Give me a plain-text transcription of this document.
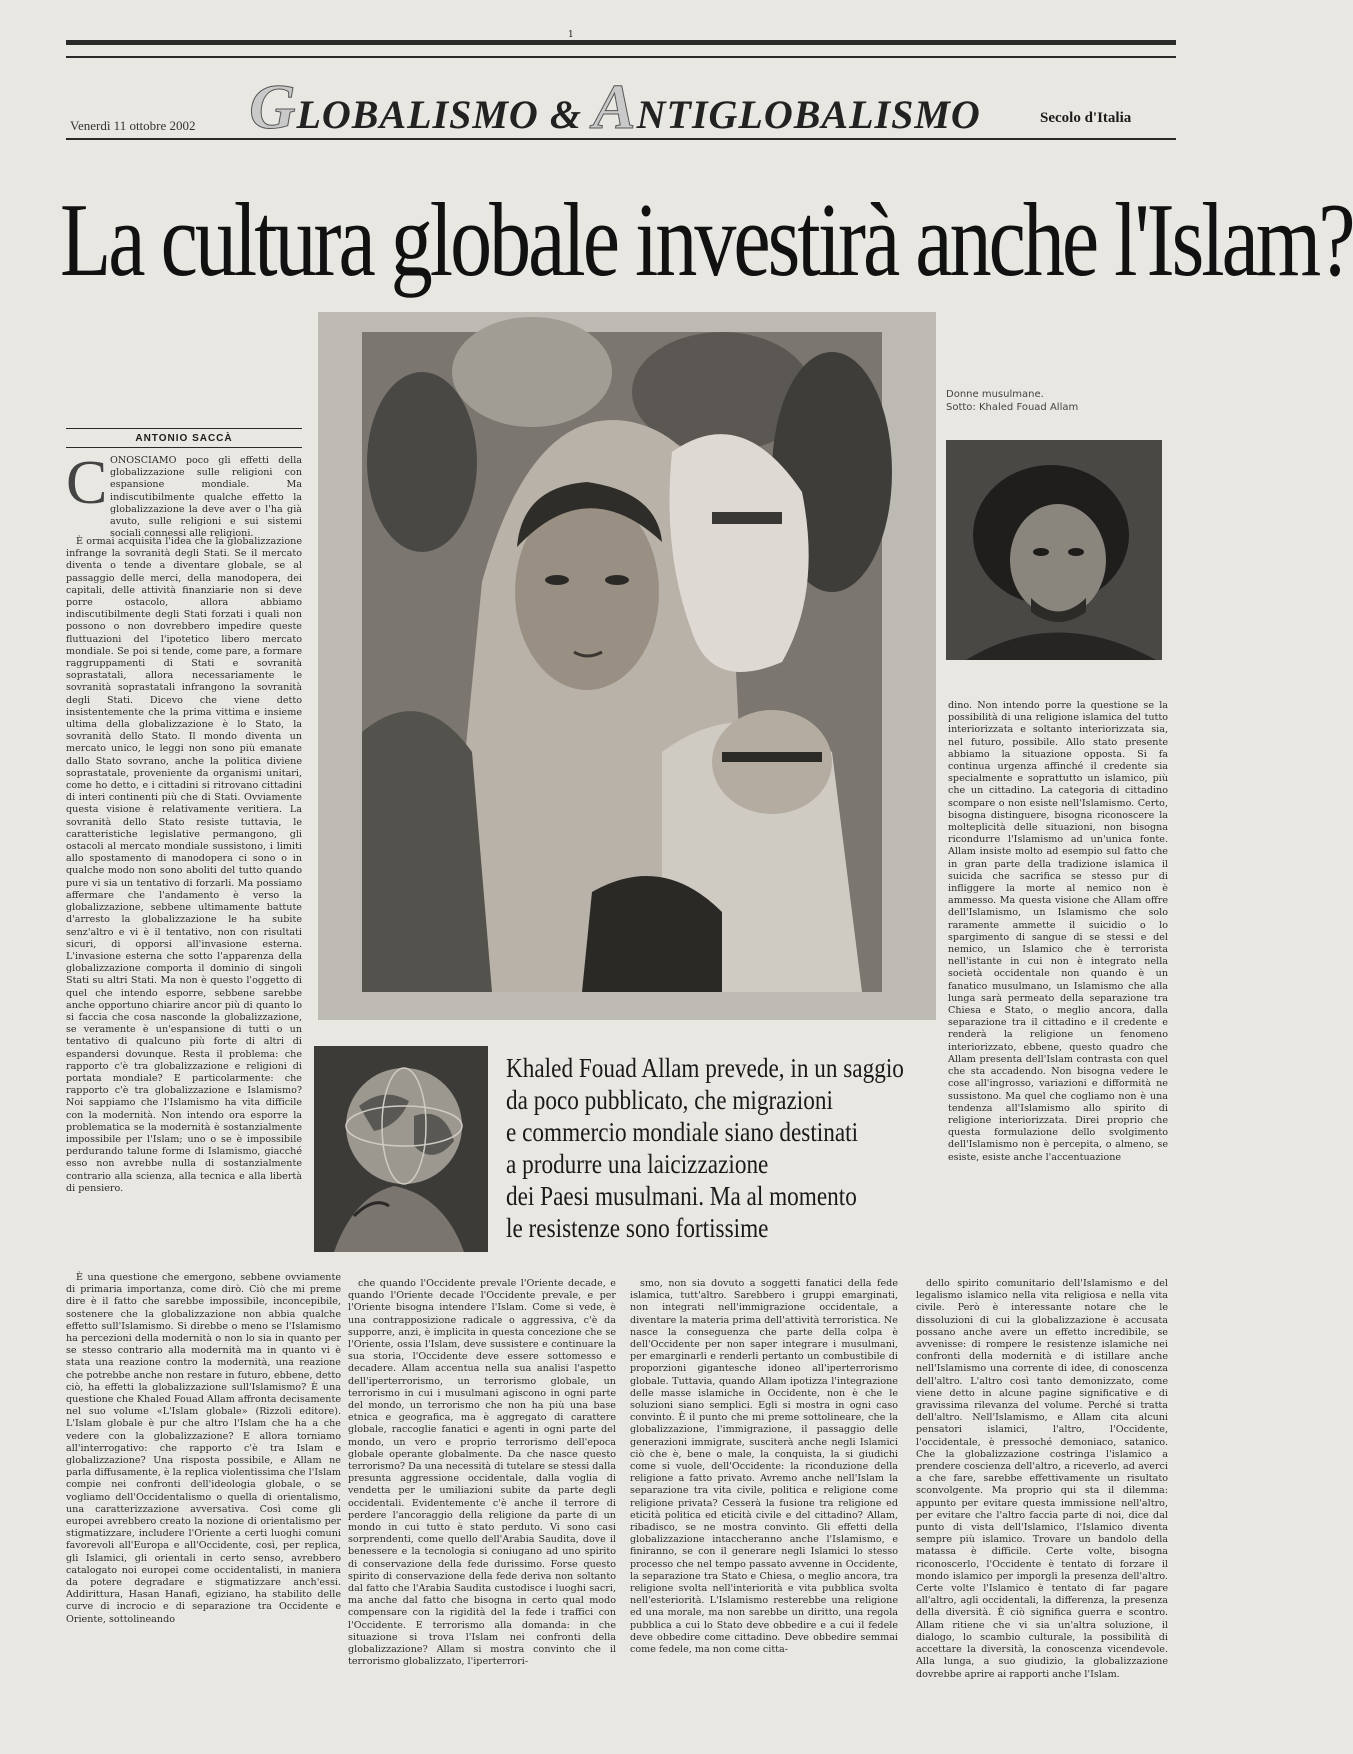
1
GLOBALISMO & ANTIGLOBALISMO
Venerdì 11 ottobre 2002	Secolo d'Italia
La cultura globale investirà anche l'Islam?
ANTONIO SACCÀ
C ONOSCIAMO poco gli effetti della globalizzazione sulle religioni con espansione mondiale. Ma indiscutibilmente qualche effetto la globalizzazione la deve aver o l'ha già avuto, sulle religioni e sui sistemi sociali connessi alle religioni.

È ormai acquisita l'idea che la globalizzazione infrange la sovranità degli Stati. Se il mercato diventa o tende a diventare globale, se al passaggio delle merci, della manodopera, dei capitali, delle attività finanziarie non si deve porre ostacolo, allora abbiamo indiscutibilmente degli Stati forzati i quali non possono o non dovrebbero impedire queste fluttuazioni del l'ipotetico libero mercato mondiale. Se poi si tende, come pare, a formare raggruppamenti di Stati e sovranità soprastatali, allora necessariamente le sovranità soprastatali infrangono la sovranità degli Stati. Dicevo che viene detto insistentemente che la prima vittima e insieme ultima della globalizzazione è lo Stato, la sovranità dello Stato. Il mondo diventa un mercato unico, le leggi non sono più emanate dallo Stato sovrano, anche la politica diviene soprastatale, proveniente da organismi unitari, come ho detto, e i cittadini si ritrovano cittadini di interi continenti più che di Stati. Ovviamente questa visione è relativamente veritiera. La sovranità dello Stato resiste tuttavia, le caratteristiche legislative permangono, gli ostacoli al mercato mondiale sussistono, i limiti allo spostamento di manodopera ci sono o in qualche modo non sono aboliti del tutto quando pure vi sia un tentativo di forzarli. Ma possiamo affermare che l'andamento è verso la globalizzazione, sebbene ultimamente battute d'arresto la globalizzazione le ha subite senz'altro e vi è il tentativo, non con risultati sicuri, di opporsi all'invasione esterna. L'invasione esterna che sotto l'apparenza della globalizzazione comporta il dominio di singoli Stati su altri Stati. Ma non è questo l'oggetto di quel che intendo esporre, sebbene sarebbe anche opportuno chiarire ancor più di quanto lo si faccia che cosa nasconde la globalizzazione, se veramente è un'espansione di tutti o un tentativo di qualcuno più forte di altri di espandersi dovunque. Resta il problema: che rapporto c'è tra globalizzazione e religioni di portata mondiale? E particolarmente: che rapporto c'è tra globalizzazione e Islamismo? Noi sappiamo che l'Islamismo ha vita difficile con la modernità. Non intendo ora esporre la problematica se la modernità è sostanzialmente impossibile per l'Islam; uno o se è impossibile perdurando talune forme di Islamismo, giacché esso non avrebbe nulla di sostanzialmente contrario alla scienza, alla tecnica e alla libertà di pensiero.

È una questione che emergono, sebbene ovviamente di primaria importanza, come dirò. Ciò che mi preme dire è il fatto che sarebbe impossibile, inconcepibile, sostenere che la globalizzazione non abbia qualche effetto sull'Islamismo. Si direbbe o meno se l'Islamismo ha percezioni della modernità o non lo sia in quanto per se stesso contrario alla modernità ma in quanto vi è stata una reazione contro la modernità, una reazione che potrebbe anche non restare in futuro, ebbene, detto ciò, ha effetti la globalizzazione sull'Islamismo? È una questione che Khaled Fouad Allam affronta decisamente nel suo volume «L'Islam globale» (Rizzoli editore). L'Islam globale è pur che altro l'Islam che ha a che vedere con la globalizzazione? E allora torniamo all'interrogativo: che rapporto c'è tra Islam e globalizzazione? Una risposta possibile, e Allam ne parla diffusamente, è la replica violentissima che l'Islam compie nei confronti dell'ideologia globale, o se vogliamo dell'Occidentalismo o quella di orientalismo, una caratterizzazione avversativa. Così come gli europei avrebbero creato la nozione di orientalismo per stigmatizzare, includere l'Oriente a certi luoghi comuni favorevoli all'Europa e all'Occidente, così, per replica, gli Islamici, gli orientali in certo senso, avrebbero catalogato noi europei come occidentalisti, in maniera da potere degradare e stigmatizzare anch'essi. Addirittura, Hasan Hanafi, egiziano, ha stabilito delle curve di incrocio e di separazione tra Occidente e Oriente, sottolineando

Donne musulmane.
Sotto: Khaled Fouad Allam
Khaled Fouad Allam prevede, in un saggio
da poco pubblicato, che migrazioni
e commercio mondiale siano destinati
a produrre una laicizzazione
dei Paesi musulmani. Ma al momento
le resistenze sono fortissime

che quando l'Occidente prevale l'Oriente decade, e quando l'Oriente decade l'Occidente prevale, e per l'Oriente bisogna intendere l'Islam. Come si vede, è una contrapposizione radicale o aggressiva, c'è da supporre, anzi, è implicita in questa concezione che se l'Oriente, ossia l'Islam, deve sussistere e continuare la sua storia, l'Occidente deve essere sottomesso e decadere. Allam accentua nella sua analisi l'aspetto dell'iperterrorismo, un terrorismo globale, un terrorismo in cui i musulmani agiscono in ogni parte del mondo, un terrorismo che non ha più una base etnica e geografica, ma è aggregato di carattere globale, raccoglie fanatici e agenti in ogni parte del mondo, un vero e proprio terrorismo dell'epoca globale operante globalmente. Da che nasce questo terrorismo? Da una necessità di tutelare se stessi dalla presunta aggressione occidentale, dalla voglia di vendetta per le umiliazioni subite da parte degli occidentali. Evidentemente c'è anche il terrore di perdere l'ancoraggio della religione da parte di un mondo in cui tutto è stato perduto. Vi sono casi sorprendenti, come quello dell'Arabia Saudita, dove il benessere e la tecnologia si coniugano ad uno spirito di conservazione della fede durissimo. Forse questo spirito di conservazione della fede deriva non soltanto dal fatto che l'Arabia Saudita custodisce i luoghi sacri, ma anche dal fatto che bisogna in certo qual modo compensare con la rigidità del la fede i traffici con l'Occidente. E terrorismo alla domanda: in che situazione si trova l'Islam nei confronti della globalizzazione? Allam si mostra convinto che il terrorismo globalizzato, l'iperterrori-

smo, non sia dovuto a soggetti fanatici della fede islamica, tutt'altro. Sarebbero i gruppi emarginati, non integrati nell'immigrazione occidentale, a diventare la materia prima dell'attività terroristica. Ne nasce la conseguenza che parte della colpa è dell'Occidente per non saper integrare i musulmani, per emarginarli e renderli pertanto un combustibile di proporzioni gigantesche idoneo all'iperterrorismo globale. Tuttavia, quando Allam ipotizza l'integrazione delle masse islamiche in Occidente, non è che le soluzioni siano semplici. Egli si mostra in ogni caso convinto. È il punto che mi preme sottolineare, che la globalizzazione, l'immigrazione, il passaggio delle generazioni immigrate, susciterà anche negli Islamici ciò che è, bene o male, la conquista, la si giudichi come si vuole, dell'Occidente: la riconduzione della religione a fatto privato. Avremo anche nell'Islam la separazione tra vita civile, politica e religione come religione privata? Cesserà la fusione tra religione ed eticità politica ed eticità civile e del cittadino? Allam, ribadisco, se ne mostra convinto. Gli effetti della globalizzazione intaccheranno anche l'Islamismo, e finiranno, se con il generare negli Islamici lo stesso processo che nel tempo passato avvenne in Occidente, la separazione tra Stato e Chiesa, o meglio ancora, tra religione svolta nell'interiorità e vita pubblica svolta nell'esteriorità. L'Islamismo resterebbe una religione ed una morale, ma non sarebbe un diritto, una regola pubblica a cui lo Stato deve obbedire e a cui il fedele deve obbedire come cittadino. Deve obbedire semmai come fedele, ma non come citta-

dino. Non intendo porre la questione se la possibilità di una religione islamica del tutto interiorizzata e soltanto interiorizzata sia, nel futuro, possibile. Allo stato presente abbiamo la situazione opposta. Si fa continua urgenza affinché il credente sia specialmente e soprattutto un islamico, più che un cittadino. La categoria di cittadino scompare o non esiste nell'Islamismo. Certo, bisogna distinguere, bisogna riconoscere la molteplicità delle situazioni, non bisogna ricondurre l'Islamismo ad un'unica fonte. Allam insiste molto ad esempio sul fatto che in gran parte della tradizione islamica il suicida che sacrifica se stesso pur di infliggere la morte al nemico non è ammesso. Ma questa visione che Allam offre dell'Islamismo, un Islamismo che solo raramente ammette il suicidio o lo spargimento di sangue di se stessi e del nemico, un Islamico che è terrorista nell'istante in cui non è integrato nella società occidentale non quando è un fanatico musulmano, un Islamismo che alla lunga sarà permeato della separazione tra Chiesa e Stato, o meglio ancora, dalla separazione tra il cittadino e il credente e renderà la religione un fenomeno interiorizzato, ebbene, questo quadro che Allam presenta dell'Islam contrasta con quel che sta accadendo. Non bisogna vedere le cose all'ingrosso, variazioni e difformità ne sussistono. Ma quel che cogliamo non è una tendenza all'Islamismo allo spirito di religione interiorizzata. Direi proprio che questa formulazione dello svolgimento dell'Islamismo non è percepita, o almeno, se esiste, esiste anche l'accentuazione

dello spirito comunitario dell'Islamismo e del legalismo islamico nella vita religiosa e nella vita civile. Però è interessante notare che le dissoluzioni di cui la globalizzazione è accusata possano anche avere un effetto incredibile, se avvenisse: di rompere le resistenze islamiche nei confronti della modernità e di istillare anche nell'Islamismo una corrente di idee, di conoscenza dell'altro. L'altro così tanto demonizzato, come viene detto in alcune pagine significative e di gravissima rilevanza del volume. Perché si tratta dell'altro. Nell'Islamismo, e Allam cita alcuni pensatori islamici, l'altro, l'Occidente, l'occidentale, è pressoché demoniaco, satanico. Che la globalizzazione costringa l'islamico a prendere coscienza dell'altro, a riceverlo, ad averci a che fare, sarebbe effettivamente un risultato sconvolgente. Ma proprio qui sta il dilemma: appunto per evitare questa immissione nell'altro, per evitare che l'altro faccia parte di noi, dice dal punto di vista dell'Islamico, l'Islamico diventa sempre più islamico. Trovare un bandolo della matassa è difficile. Certe volte, bisogna riconoscerlo, l'Occidente è tentato di forzare il mondo islamico per imporgli la presenza dell'altro. Certe volte l'Islamico è tentato di far pagare all'altro, agli occidentali, la differenza, la presenza della diversità. È ciò significa guerra e scontro. Allam ritiene che vi sia un'altra soluzione, il dialogo, lo scambio culturale, la possibilità di accettare la diversità, la conoscenza vicendevole. Alla lunga, a suo giudizio, la globalizzazione dovrebbe aprire ai rapporti anche l'Islam.
